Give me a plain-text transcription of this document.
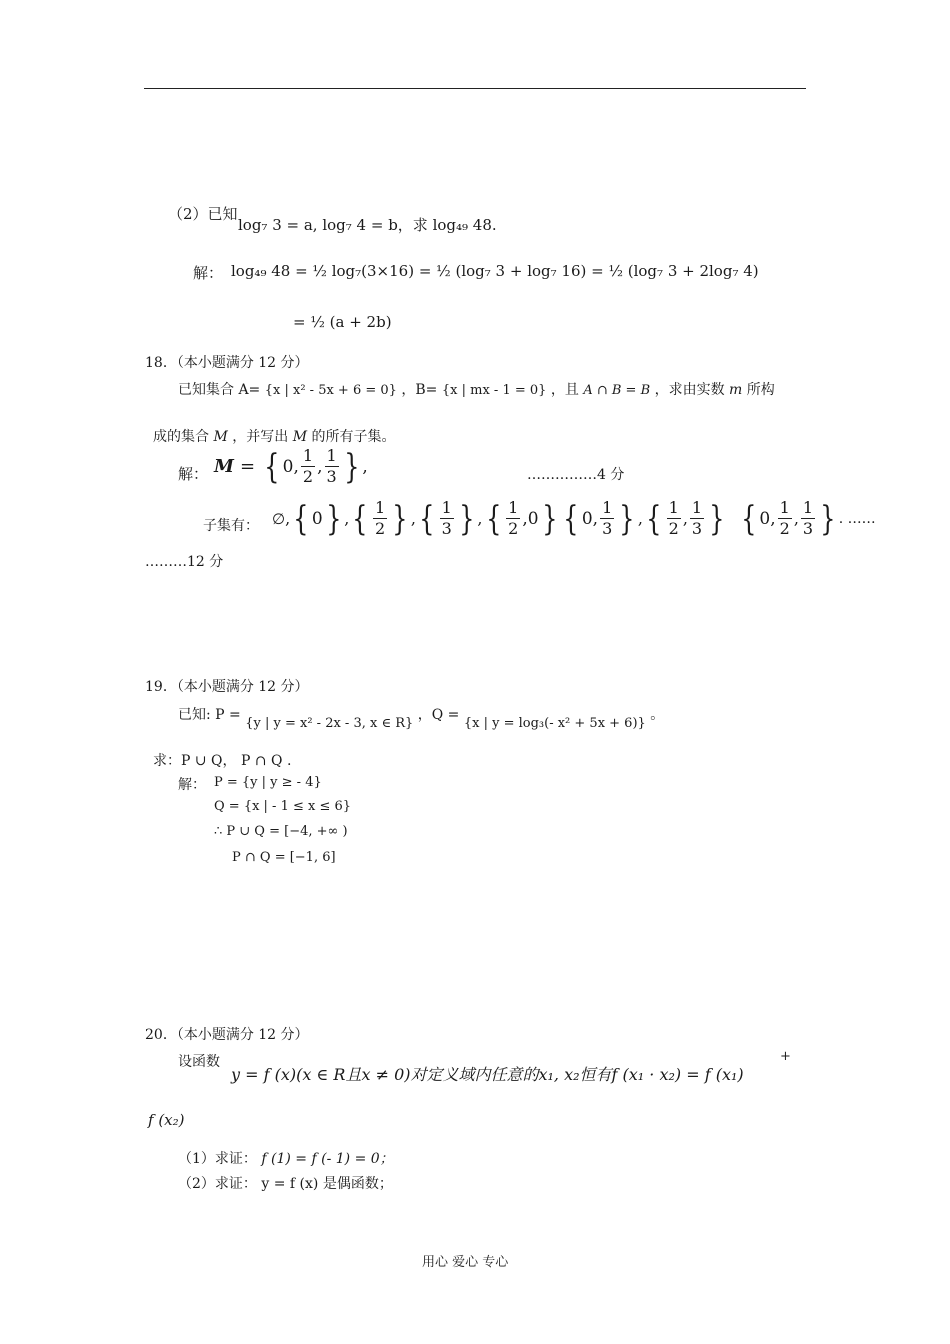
（2）已知
log₇ 3 = a, log₇ 4 = b，求 log₄₉ 48.
解： log₄₉ 48 = ½ log₇(3×16) = ½ (log₇ 3 + log₇ 16) = ½ (log₇ 3 + 2log₇ 4)
= ½ (a + 2b)
18．（本小题满分 12 分）
已知集合 A= {x | x² - 5x + 6 = 0} ，B= {x | mx - 1 = 0} ，且 A ∩ B = B ，求由实数 m 所构
成的集合 M ，并写出 M 的所有子集。
解： M = { 0, $\frac{1}{2}$ , $\frac{1}{3}$ } ,	……………4 分
子集有： ∅ , { 0 } , { $\frac{1}{2}$ } , { $\frac{1}{3}$ } , { $\frac{1}{2} ,0$ } { 0, $\frac{1}{3}$ } , { $\frac{1}{2}$ , $\frac{1}{3}$ } { 0, $\frac{1}{2}$ , $\frac{1}{3}$ } . ……
………12 分
19．（本小题满分 12 分）
已知: P = {y | y = x² - 2x - 3, x ∈ R} ，Q = {x | y = log₃(- x² + 5x + 6)} 。
求：P ∪ Q， P ∩ Q .
解： P = {y | y ≥ - 4}
Q = {x | - 1 ≤ x ≤ 6}
∴ P ∪ Q = [−4, +∞ )
P ∩ Q = [−1, 6]
20．（本小题满分 12 分）
设函数
y = f (x)(x ∈ R且x ≠ 0)对定义域内任意的x₁, x₂恒有f (x₁ · x₂) = f (x₁)
+
f (x₂)
（1）求证： f (1) = f (- 1) = 0；
（2）求证： y = f (x) 是偶函数；
用心 爱心 专心
